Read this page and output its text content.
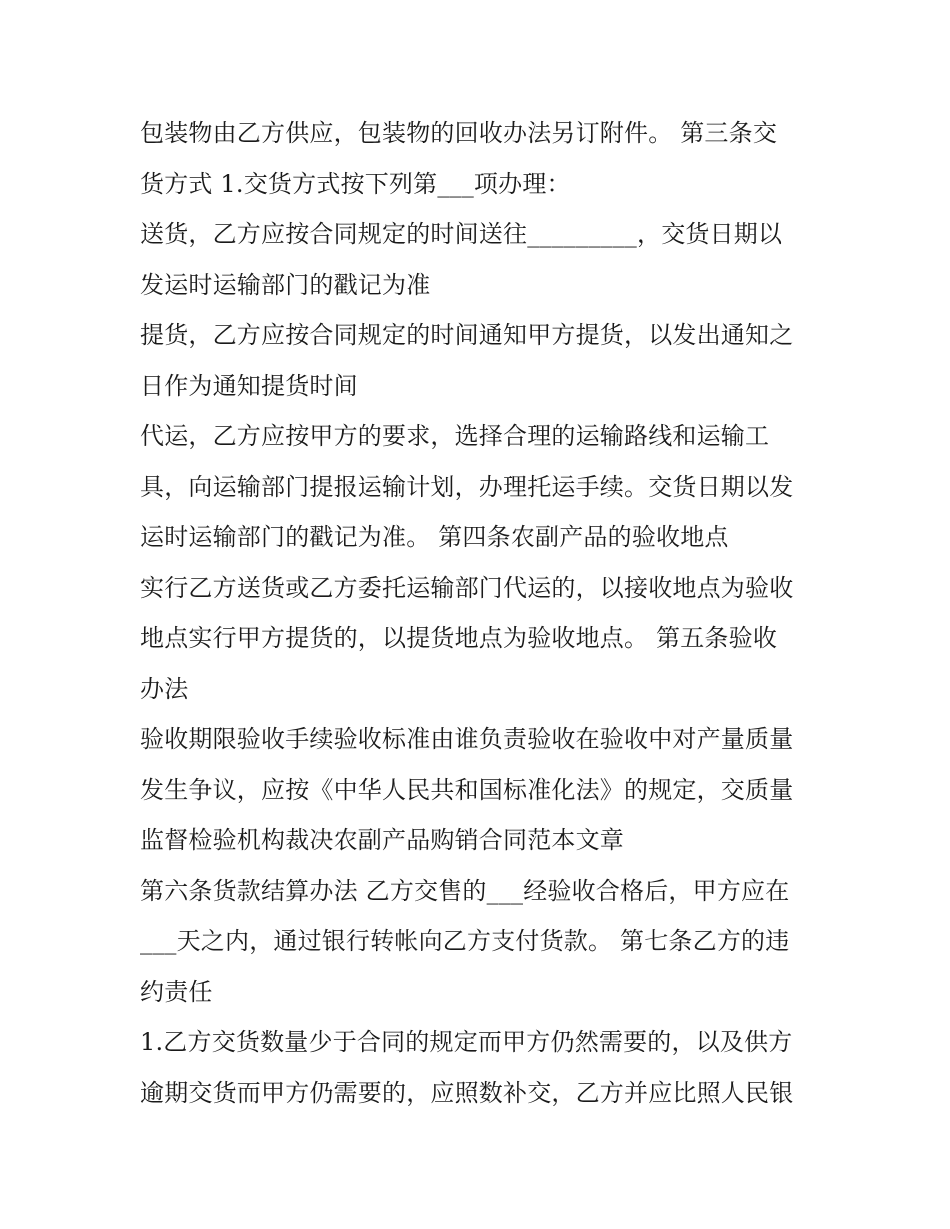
包装物由乙方供应，包装物的回收办法另订附件。 第三条交
货方式 1.交货方式按下列第___项办理：
送货，乙方应按合同规定的时间送往_________，交货日期以
发运时运输部门的戳记为准
提货，乙方应按合同规定的时间通知甲方提货，以发出通知之
日作为通知提货时间
代运，乙方应按甲方的要求，选择合理的运输路线和运输工
具，向运输部门提报运输计划，办理托运手续。交货日期以发
运时运输部门的戳记为准。 第四条农副产品的验收地点
实行乙方送货或乙方委托运输部门代运的，以接收地点为验收
地点实行甲方提货的，以提货地点为验收地点。 第五条验收
办法
验收期限验收手续验收标准由谁负责验收在验收中对产量质量
发生争议，应按《中华人民共和国标准化法》的规定，交质量
监督检验机构裁决农副产品购销合同范本文章
第六条货款结算办法 乙方交售的___经验收合格后，甲方应在
___天之内，通过银行转帐向乙方支付货款。 第七条乙方的违
约责任
1.乙方交货数量少于合同的规定而甲方仍然需要的，以及供方
逾期交货而甲方仍需要的，应照数补交，乙方并应比照人民银
